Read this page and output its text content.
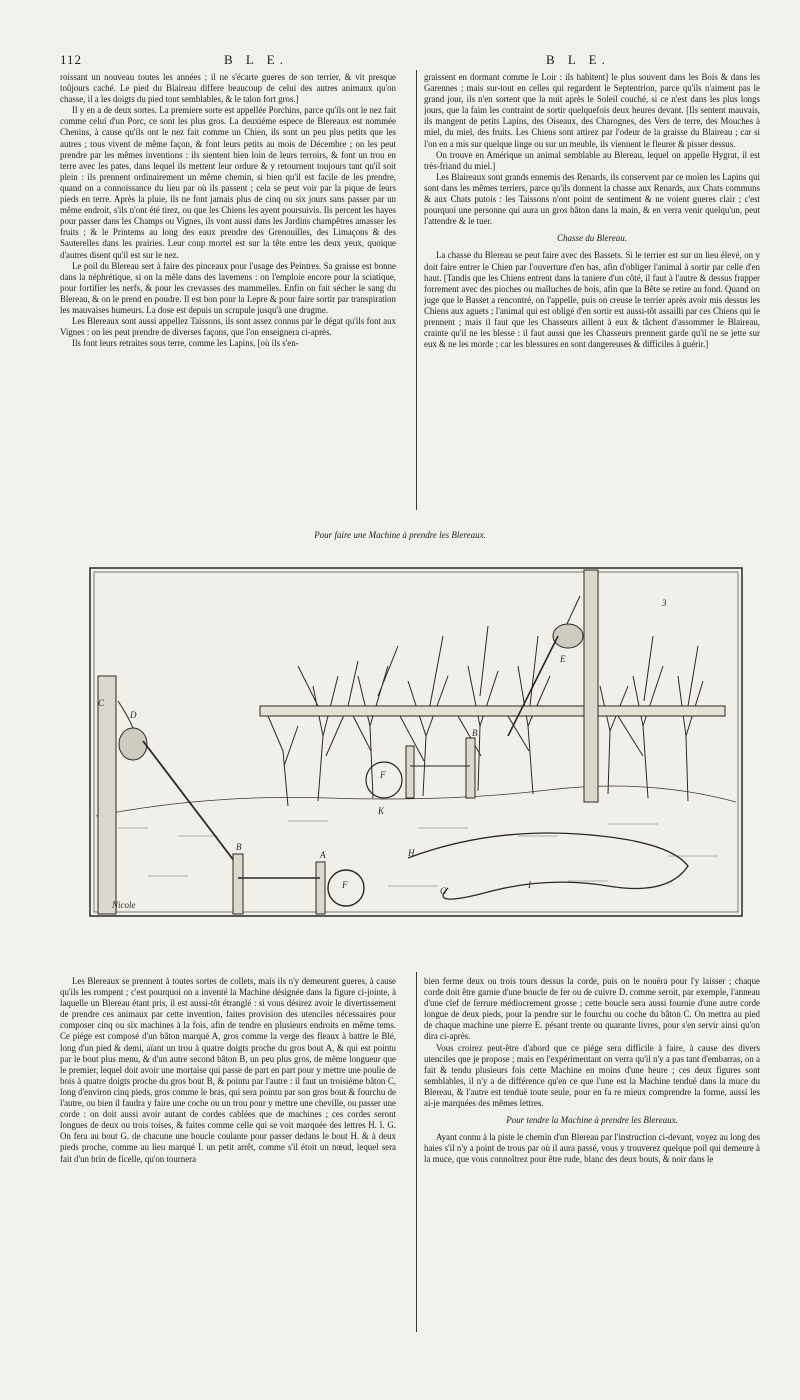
112	B L E.	B L E.

roissant un nouveau toutes les années ; il ne s'écarte gueres de son terrier, & vit presque toûjours caché. Le pied du Blaireau differe beaucoup de celui des autres animaux qu'on chasse, il a les doigts du pied tout semblables, & le talon fort gros.]

Il y en a de deux sortes. La premiere sorte est appellée Porchins, parce qu'ils ont le nez fait comme celui d'un Porc, ce sont les plus gros. La deuxiéme espece de Blereaux est nommée Chenins, à cause qu'ils ont le nez fait comme un Chien, ils sont un peu plus petits que les autres ; tous vivent de même façon, & font leurs petits au mois de Décembre ; on les peut prendre par les mêmes inventions : ils sientent bien loin de leurs terroirs, & font un trou en terre avec les pates, dans lequel ils mettent leur ordure & y retournent toujours tant qu'il soit plein : ils prennent ordinairement un même chemin, si bien qu'il est facile de les prendre, quand on a connoissance du lieu par où ils passent ; cela se peut voir par la pique de leurs pieds en terre. Après la pluie, ils ne font jamais plus de cinq ou six jours sans passer par un même endroit, s'ils n'ont été tirez, ou que les Chiens les ayent poursuivis. Ils percent les hayes pour passer dans les Champs ou Vignes, ils vont aussi dans les Jardins champêtres amasser les fruits ; & le Printems au long des eaux prendre des Grenouilles, des Limaçons & des Sauterelles dans les prairies. Leur coup mortel est sur la tête entre les deux yeux, quoique d'autres disent qu'il est sur le nez.

Le poil du Blereau sert à faire des pinceaux pour l'usage des Peintres. Sa graisse est bonne dans la néphrétique, si on la mêle dans des lavemens : on l'emploie encore pour la sciatique, pour fortifier les nerfs, & pour les crevasses des mammelles. Enfin on fait sécher le sang du Blereau, & on le prend en poudre. Il est bon pour la Lepre & pour faire sortir par transpiration les mauvaises humeurs. La dose est depuis un scrupule jusqu'à une dragme.

Les Blereaux sont aussi appellez Taissons, ils sont assez connus par le dégat qu'ils font aux Vignes : on les peut prendre de diverses façons, que l'on enseignera ci-après.

Ils font leurs retraites sous terre, comme les Lapins, [où ils s'en-

graissent en dormant comme le Loir : ils habitent] le plus souvent dans les Bois & dans les Garennes ; mais sur-tout en celles qui regardent le Septentrion, parce qu'ils n'aiment pas le grand jour, ils n'en sortent que la nuit après le Soleil couché, si ce n'est dans les plus longs jours, que la faim les contraint de sortir quelquefois deux heures devant. [Ils sentent mauvais, ils mangent de petits Lapins, des Oiseaux, des Charognes, des Vers de terre, des Mouches à miel, du miel, des fruits. Les Chiens sont attirez par l'odeur de la graisse du Blaireau ; car si l'on en a mis sur quelque linge ou sur un meuble, ils viennent le fleurer & pisser dessus.

On trouve en Amérique un animal semblable au Blereau, lequel on appelle Hygrat, il est très-friand du miel.]

Les Blaireaux sont grands ennemis des Renards, ils conservent par ce moïen les Lapins qui sont dans les mêmes terriers, parce qu'ils donnent la chasse aux Renards, aux Chats communs & aux Chats putois : les Taissons n'ont point de sentiment & ne voient gueres clair ; c'est pourquoi une personne qui aura un gros bâton dans la main, & en verra venir quelqu'un, peut l'attendre & le tuer.

Chasse du Blereau.

La chasse du Blereau se peut faire avec des Bassets. Si le terrier est sur un lieu élevé, on y doit faire entrer le Chien par l'ouverture d'en bas, afin d'obliger l'animal à sortir par celle d'en haut. [Tandis que les Chiens entrent dans la taniere d'un côté, il faut à l'autre & dessus frapper forrement avec des pioches ou maîluches de bois, afin que la Bête se retire au fond. Quand on juge que le Basset a rencontré, on l'appelle, puis on creuse le terrier après avoir mis dessus les Chiens aux aguets ; l'animal qui est obligé d'en sortir est aussi-tôt assailli par ces Chiens qui le prennent ; mais il faut que les Chasseurs aillent à eux & tâchent d'assommer le Blaireau, crainte qu'il ne les blesse : il faut aussi que les Chasseurs prennent garde qu'il ne se jette sur eux & ne les morde ; car les blessures en sont dangereuses & difficiles à guérir.]

Pour faire une Machine à prendre les Blereaux.
D
C
B
A
F
F
B
E
H
I
G
K
3
Nicole

Les Blereaux se prennent à toutes sortes de collets, mais ils n'y demeurent gueres, à cause qu'ils les rompent ; c'est pourquoi on a inventé la Machine désignée dans la figure ci-jointe, à laquelle un Blereau étant pris, il est aussi-tôt étranglé : si vous désirez avoir le divertissement de prendre ces animaux par cette invention, faites provision des utenciles nécessaires pour composer cinq ou six machines à la fois, afin de tendre en plusieurs endroits en même tems. Ce piége est composé d'un bâton marqué A, gros comme la verge des fleaux à battre le Blé, long d'un pied & demi, aïant un trou à quatre doigts proche du gros bout A, & qui est pointu par le bout plus menu, & d'un autre second bâton B, un peu plus gros, de même longueur que le premier, lequel doit avoir une mortaise qui passe de part en part pour y mettre une poulie de bois à quatre doigts proche du gros bout B, & pointu par l'autre : il faut un troisiéme bâton C, long d'environ cinq pieds, gros comme le bras, qui sera pointu par son gros bout & fourchu de l'autre, ou bien il faudra y faire une coche ou un trou pour y mettre une cheville, ou passer une corde : on doit aussi avoir autant de cordes cablées que de machines ; ces cordes seront longues de deux ou trois toises, & faites comme celle qui se voit marquée des lettres H. I. G. On fera au bout G. de chacune une boucle coulante pour passer dedans le bout H. & à deux pieds proche, comme au lieu marqué I. un petit arrêt, comme s'il étoit un nœud, lequel sera fait d'un brin de ficelle, qu'on tournera

bien ferme deux ou trois tours dessus la corde, puis on le nouëra pour l'y laisser ; chaque corde doit être garnie d'une boucle de fer ou de cuivre D. comme seroit, par exemple, l'anneau d'une clef de ferrure médiocrement grosse ; cette boucle sera aussi fournie d'une autre corde longue de deux pieds, pour la pendre sur le fourchu ou coche du bâton C. On mettra au pied de chaque machine une pierre E. pésant trente ou quarante livres, pour s'en servir ainsi qu'on dira ci-après.

Vous croirez peut-être d'abord que ce piége sera difficile à faire, à cause des divers utenciles que je propose ; mais en l'expérimentant on verra qu'il n'y a pas tant d'embarras, on a fait & tendu plusieurs fois cette Machine en moins d'une heure ; ces deux figures sont semblables, il n'y a de différence qu'en ce que l'une est la Machine tenduë dans la muce du Blereau, & l'autre est tenduë toute seule, pour en fa re mieux comprendre la forme, aussi les ai-je marquées des mêmes lettres.

Pour tendre la Machine à prendre les Blereaux.

Ayant connu à la piste le chemin d'un Blereau par l'instruction ci-devant, voyez au long des haies s'il n'y a point de trous par où il aura passé, vous y trouverez quelque poil qui demeure à la muce, que vous connoîtrez pour être rude, blanc des deux bouts, & noir dans le
